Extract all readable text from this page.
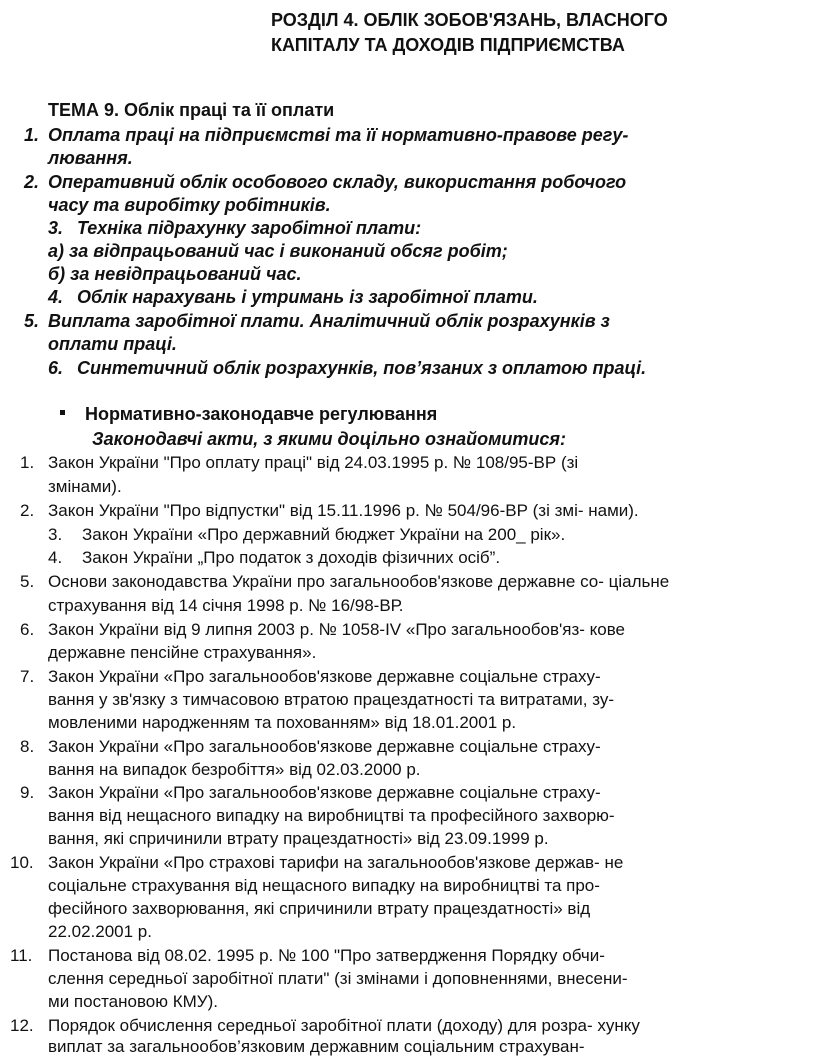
РОЗДІЛ 4. ОБЛІК ЗОБОВ'ЯЗАНЬ, ВЛАСНОГО
КАПІТАЛУ ТА ДОХОДІВ ПІДПРИЄМСТВА
ТЕМА 9. Облік праці та її оплати
1. Оплата праці на підприємстві та її нормативно-правове регу-
лювання.
2. Оперативний облік особового складу, використання робочого
часу та виробітку робітників.
3. Техніка підрахунку заробітної плати:
а) за відпрацьований час і виконаний обсяг робіт;
б) за невідпрацьований час.
4. Облік нарахувань і утримань із заробітної плати.
5. Виплата заробітної плати. Аналітичний облік розрахунків з
оплати праці.
6. Синтетичний облік розрахунків, пов’язаних з оплатою праці.
Нормативно-законодавче регулювання
Законодавчі акти, з якими доцільно ознайомитися:
1. Закон України "Про оплату праці" від 24.03.1995 р. № 108/95-ВР (зі
змінами).
2. Закон України "Про відпустки" від 15.11.1996 р. № 504/96-ВР (зі змі- нами).
3. Закон України «Про державний бюджет України на 200_ рік».
4. Закон України „Про податок з доходів фізичних осіб”.
5. Основи законодавства України про загальнообов'язкове державне со- ціальне
страхування від 14 січня 1998 р. № 16/98-ВР.
6. Закон України від 9 липня 2003 р. № 1058-IV «Про загальнообов'яз- кове
державне пенсійне страхування».
7. Закон України «Про загальнообов'язкове державне соціальне страху-
вання у зв'язку з тимчасовою втратою працездатності та витратами, зу-
мовленими народженням та похованням» від 18.01.2001 р.
8. Закон України «Про загальнообов'язкове державне соціальне страху-
вання на випадок безробіття» від 02.03.2000 р.
9. Закон України «Про загальнообов'язкове державне соціальне страху-
вання від нещасного випадку на виробництві та професійного захворю-
вання, які спричинили втрату працездатності» від 23.09.1999 р.
10. Закон України «Про страхові тарифи на загальнообов'язкове держав- не
соціальне страхування від нещасного випадку на виробництві та про-
фесійного захворювання, які спричинили втрату працездатності» від
22.02.2001 р.
11. Постанова від 08.02. 1995 р. № 100 "Про затвердження Порядку обчи-
слення середньої заробітної плати" (зі змінами і доповненнями, внесени-
ми постановою КМУ).
12. Порядок обчислення середньої заробітної плати (доходу) для розра- хунку
виплат за загальнообов’язковим державним соціальним страхуван-
